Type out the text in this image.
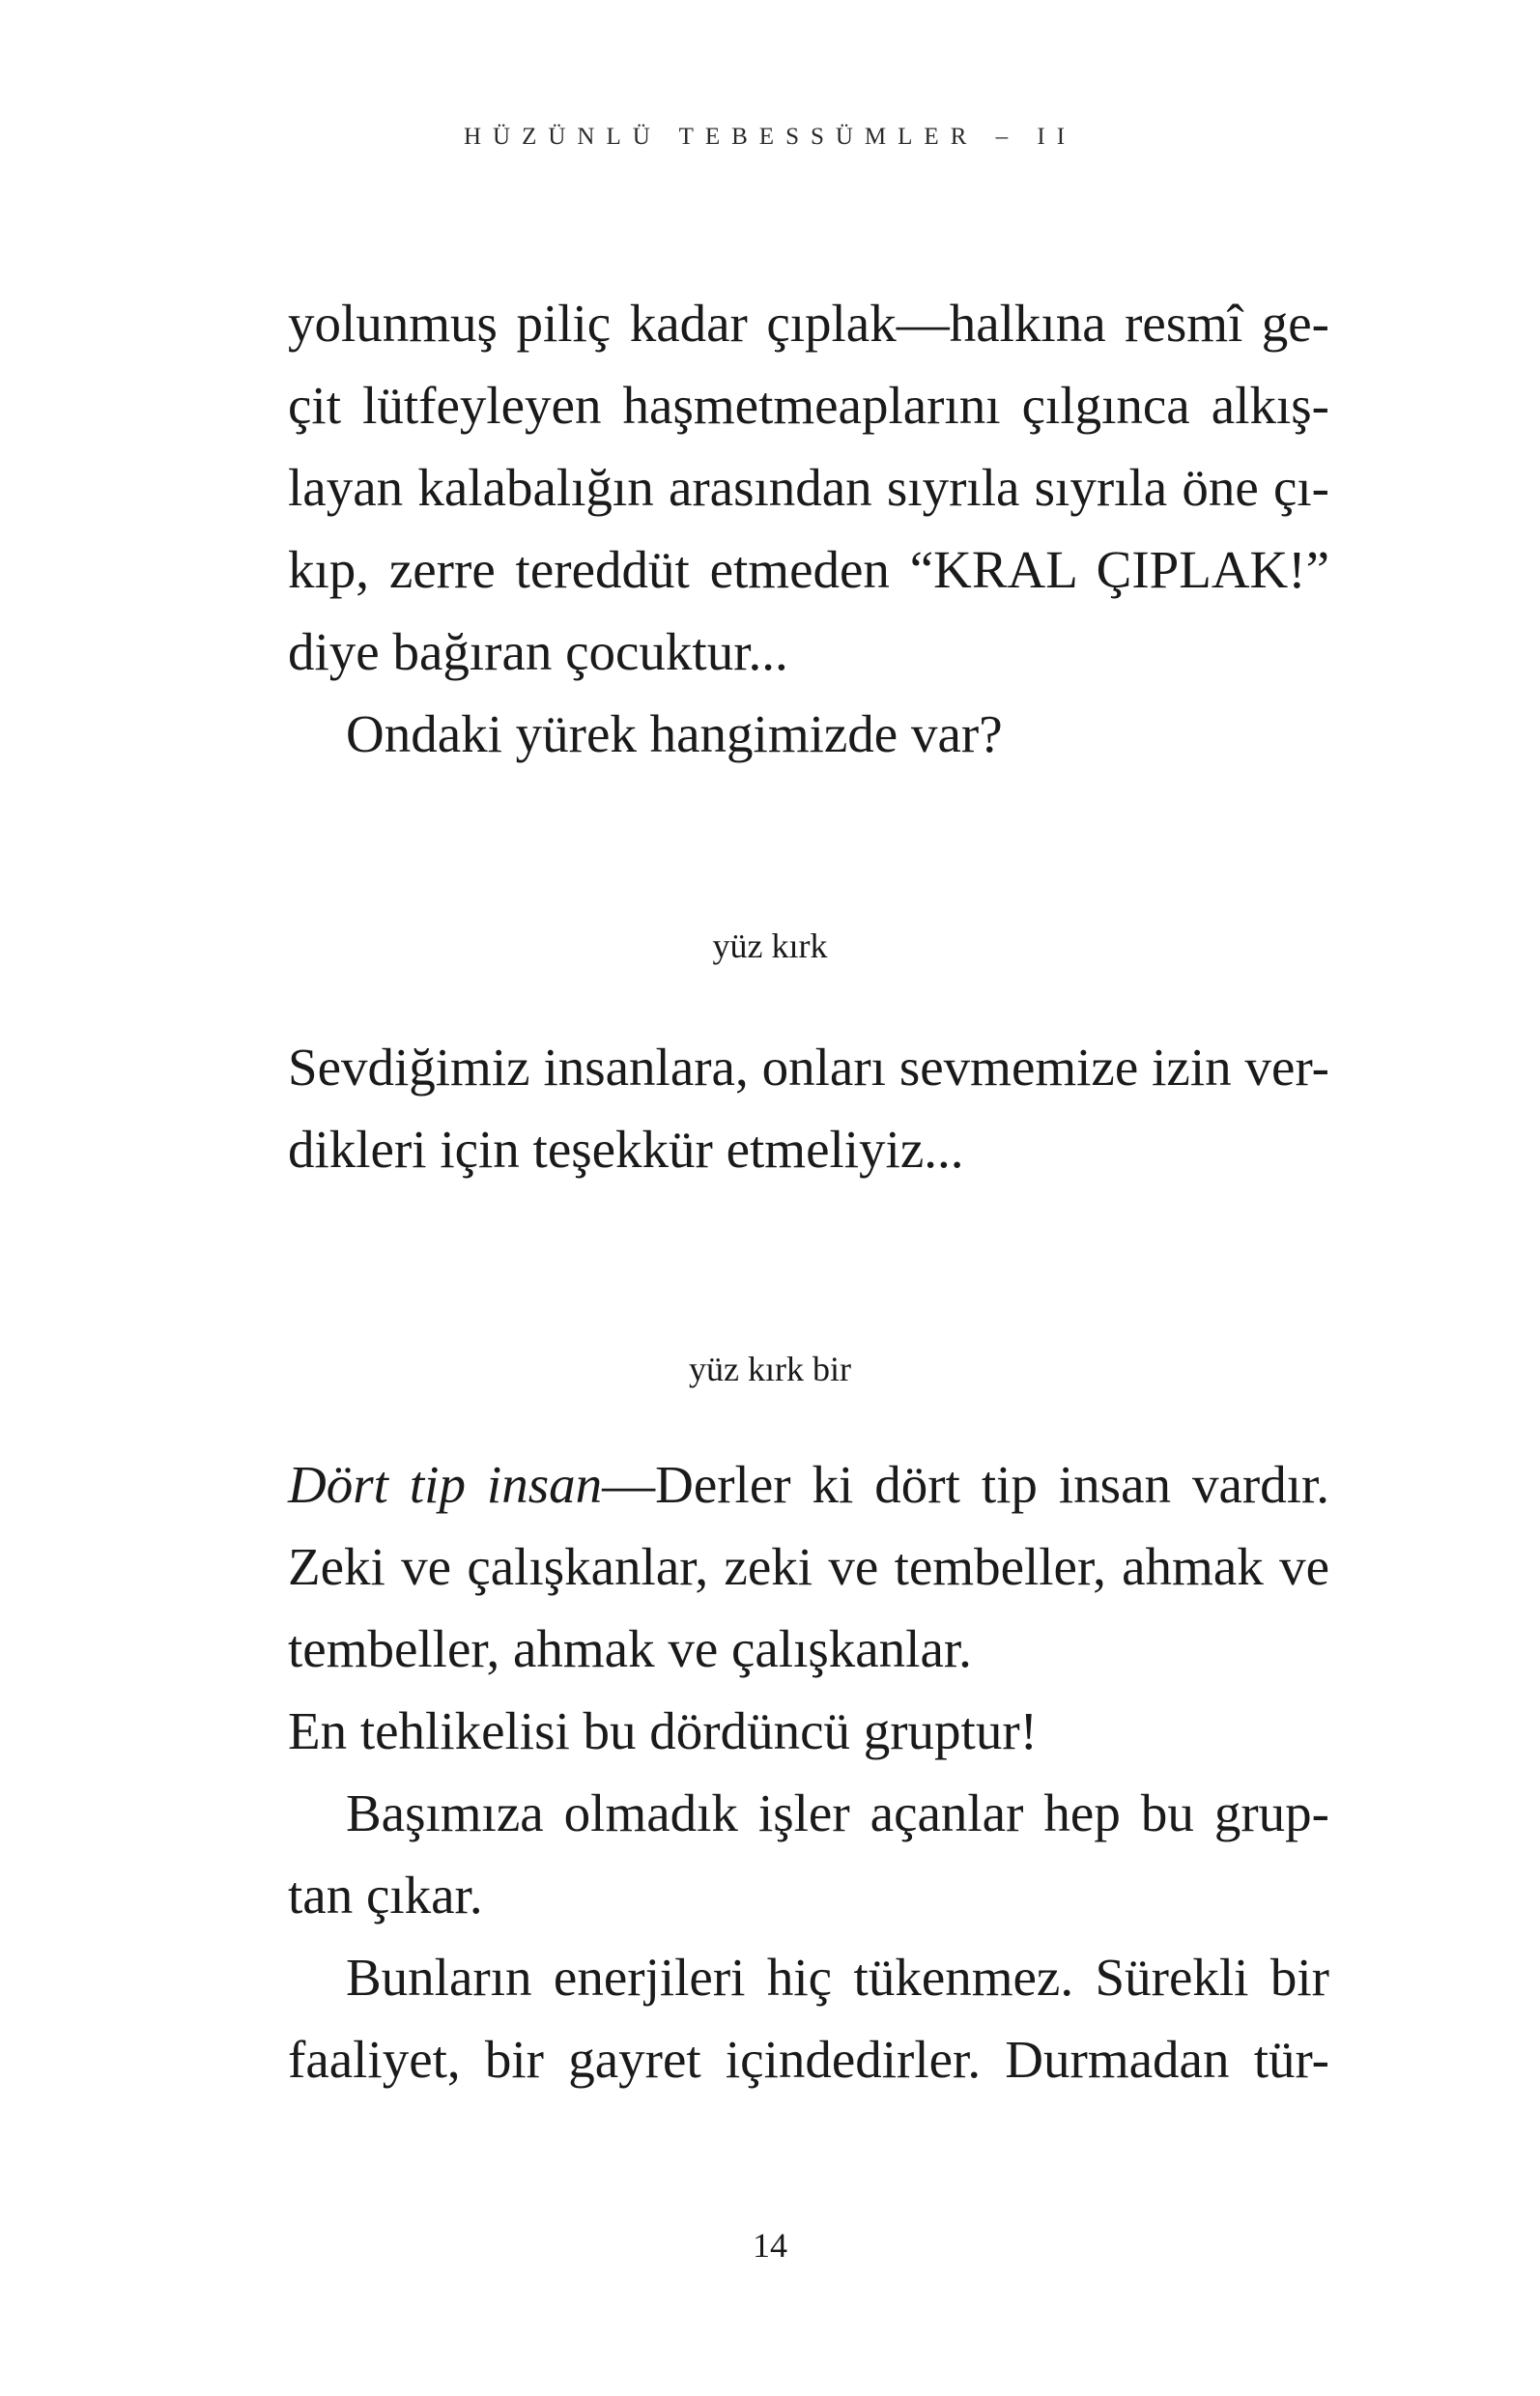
HÜZÜNLÜ TEBESSÜMLER – II
yolunmuş piliç kadar çıplak—halkına resmî ge-
çit lütfeyleyen haşmetmeaplarını çılgınca alkış-
layan kalabalığın arasından sıyrıla sıyrıla öne çı-
kıp, zerre tereddüt etmeden “KRAL ÇIPLAK!”
diye bağıran çocuktur...
Ondaki yürek hangimizde var?
yüz kırk
Sevdiğimiz insanlara, onları sevmemize izin ver-
dikleri için teşekkür etmeliyiz...
yüz kırk bir
Dört tip insan—Derler ki dört tip insan vardır.
Zeki ve çalışkanlar, zeki ve tembeller, ahmak ve
tembeller, ahmak ve çalışkanlar.
En tehlikelisi bu dördüncü gruptur!
Başımıza olmadık işler açanlar hep bu grup-
tan çıkar.
Bunların enerjileri hiç tükenmez. Sürekli bir
faaliyet, bir gayret içindedirler. Durmadan tür-
14
